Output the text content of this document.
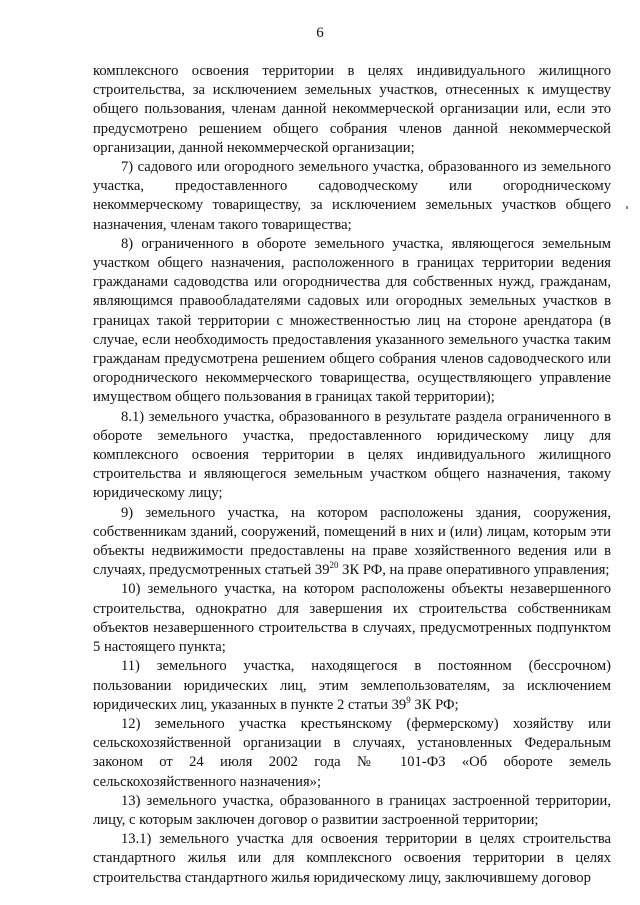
6

комплексного освоения территории в целях индивидуального жилищного строительства, за исключением земельных участков, отнесенных к имуществу общего пользования, членам данной некоммерческой организации или, если это предусмотрено решением общего собрания членов данной некоммерческой организации, данной некоммерческой организации;

7) садового или огородного земельного участка, образованного из земельного участка, предоставленного садоводческому или огородническому некоммерческому товариществу, за исключением земельных участков общего назначения, членам такого товарищества;

8) ограниченного в обороте земельного участка, являющегося земельным участком общего назначения, расположенного в границах территории ведения гражданами садоводства или огородничества для собственных нужд, гражданам, являющимся правообладателями садовых или огородных земельных участков в границах такой территории с множественностью лиц на стороне арендатора (в случае, если необходимость предоставления указанного земельного участка таким гражданам предусмотрена решением общего собрания членов садоводческого или огороднического некоммерческого товарищества, осуществляющего управление имуществом общего пользования в границах такой территории);

8.1) земельного участка, образованного в результате раздела ограниченного в обороте земельного участка, предоставленного юридическому лицу для комплексного освоения территории в целях индивидуального жилищного строительства и являющегося земельным участком общего назначения, такому юридическому лицу;

9) земельного участка, на котором расположены здания, сооружения, собственникам зданий, сооружений, помещений в них и (или) лицам, которым эти объекты недвижимости предоставлены на праве хозяйственного ведения или в случаях, предусмотренных статьей $39^{20}$ ЗК РФ, на праве оперативного управления;

10) земельного участка, на котором расположены объекты незавершенного строительства, однократно для завершения их строительства собственникам объектов незавершенного строительства в случаях, предусмотренных подпунктом 5 настоящего пункта;

11) земельного участка, находящегося в постоянном (бессрочном) пользовании юридических лиц, этим землепользователям, за исключением юридических лиц, указанных в пункте 2 статьи $39^9$ ЗК РФ;

12) земельного участка крестьянскому (фермерскому) хозяйству или сельскохозяйственной организации в случаях, установленных Федеральным законом от 24 июля 2002 года № 101-ФЗ «Об обороте земель сельскохозяйственного назначения»;

13) земельного участка, образованного в границах застроенной территории, лицу, с которым заключен договор о развитии застроенной территории;

13.1) земельного участка для освоения территории в целях строительства стандартного жилья или для комплексного освоения территории в целях строительства стандартного жилья юридическому лицу, заключившему договор
